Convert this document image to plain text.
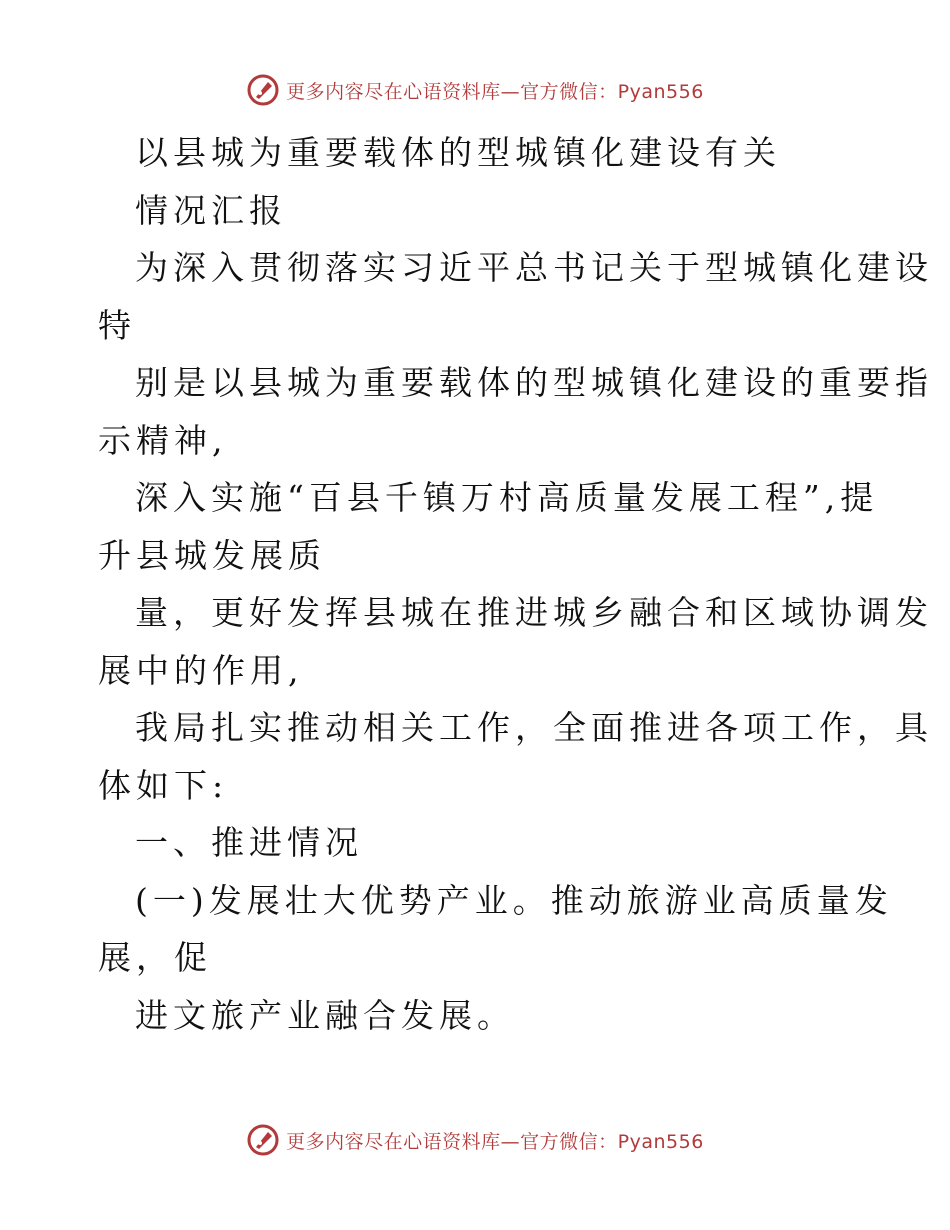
更多内容尽在心语资料库—官方微信：Pyan556

以县城为重要载体的型城镇化建设有关

情况汇报

为深入贯彻落实习近平总书记关于型城镇化建设

特

别是以县城为重要载体的型城镇化建设的重要指

示精神,

深入实施“百县千镇万村高质量发展工程”,提

升县城发展质

量，更好发挥县城在推进城乡融合和区域协调发

展中的作用,

我局扎实推动相关工作，全面推进各项工作，具

体如下:

一、推进情况

(一)发展壮大优势产业。推动旅游业高质量发

展，促

进文旅产业融合发展。

更多内容尽在心语资料库—官方微信：Pyan556
